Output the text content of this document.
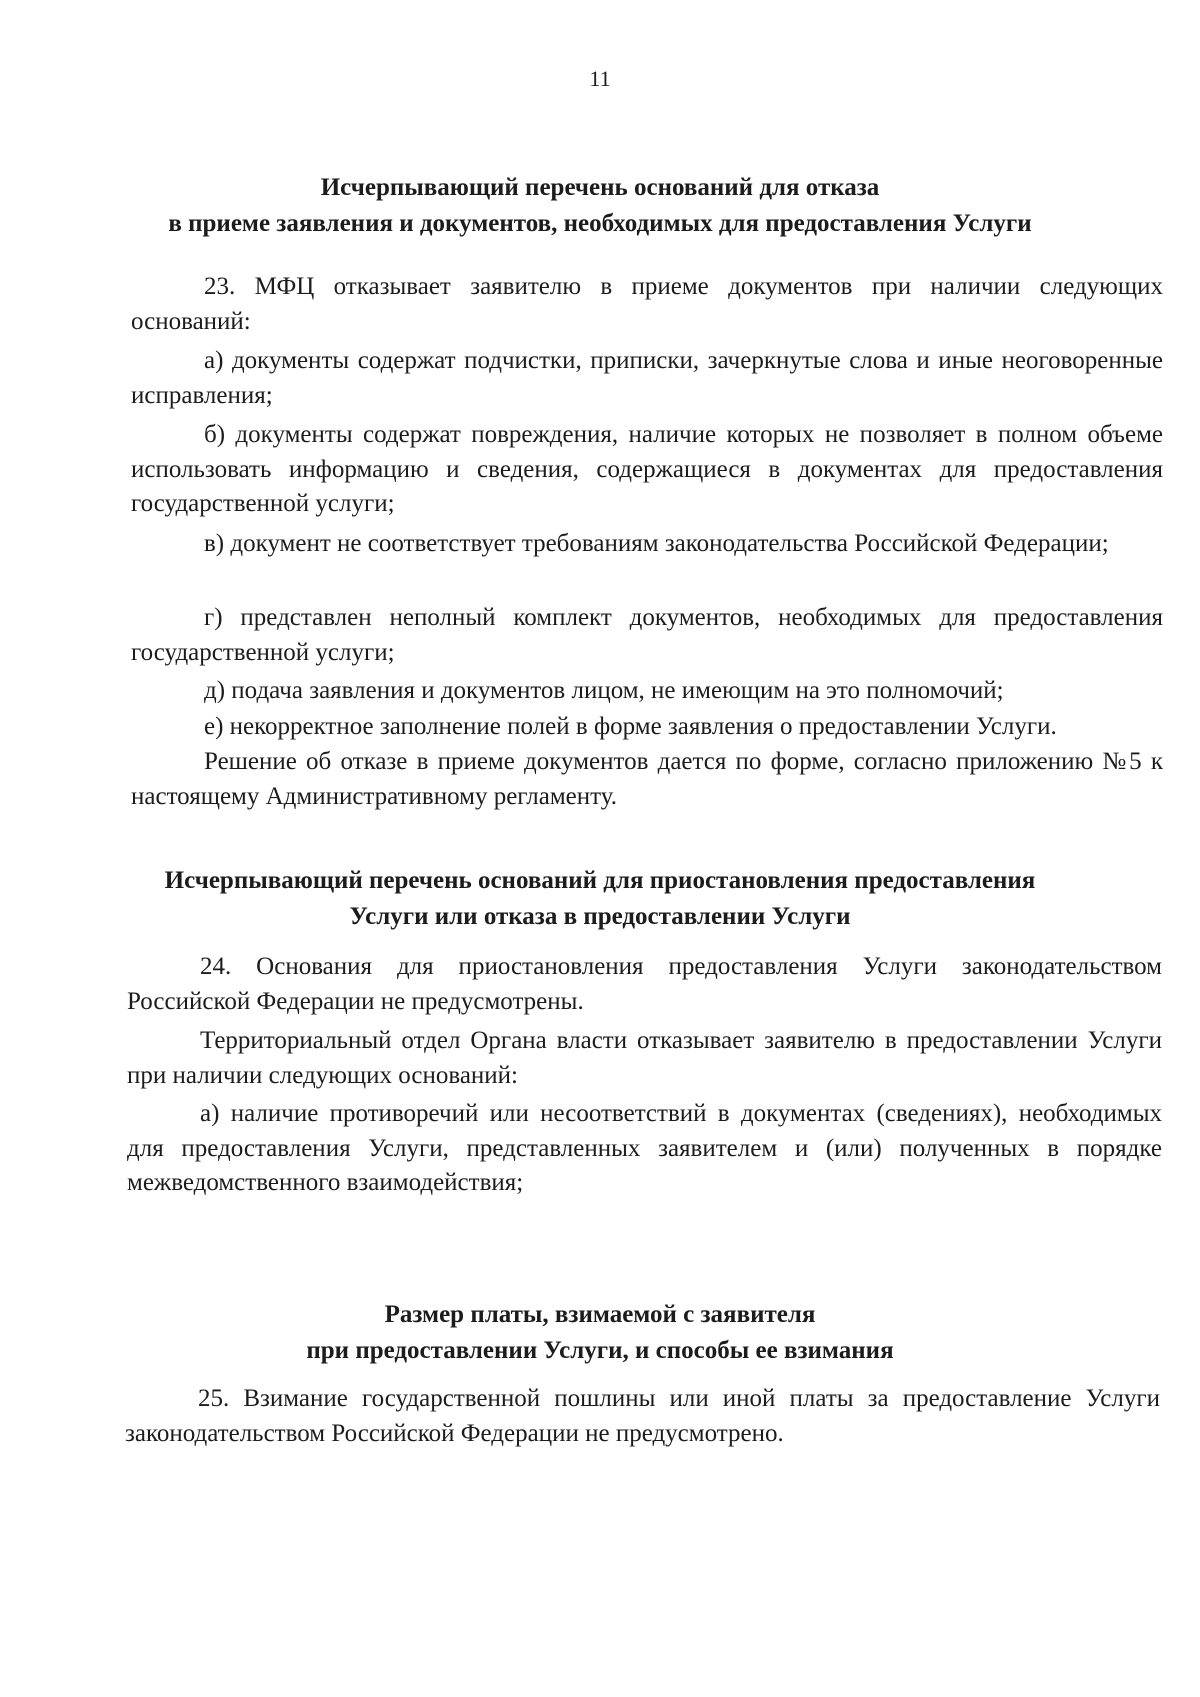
11
Исчерпывающий перечень оснований для отказа
в приеме заявления и документов, необходимых для предоставления Услуги
23. МФЦ отказывает заявителю в приеме документов при наличии следующих оснований:
а) документы содержат подчистки, приписки, зачеркнутые слова и иные неоговоренные исправления;
б) документы содержат повреждения, наличие которых не позволяет в полном объеме использовать информацию и сведения, содержащиеся в документах для предоставления государственной услуги;
в) документ не соответствует требованиям законодательства Российской Федерации;
г) представлен неполный комплект документов, необходимых для предоставления государственной услуги;
д) подача заявления и документов лицом, не имеющим на это полномочий;
е) некорректное заполнение полей в форме заявления о предоставлении Услуги.
Решение об отказе в приеме документов дается по форме, согласно приложению №5 к настоящему Административному регламенту.
Исчерпывающий перечень оснований для приостановления предоставления
Услуги или отказа в предоставлении Услуги
24. Основания для приостановления предоставления Услуги законодательством Российской Федерации не предусмотрены.
Территориальный отдел Органа власти отказывает заявителю в предоставлении Услуги при наличии следующих оснований:
а) наличие противоречий или несоответствий в документах (сведениях), необходимых для предоставления Услуги, представленных заявителем и (или) полученных в порядке межведомственного взаимодействия;
Размер платы, взимаемой с заявителя
при предоставлении Услуги, и способы ее взимания
25. Взимание государственной пошлины или иной платы за предоставление Услуги законодательством Российской Федерации не предусмотрено.
